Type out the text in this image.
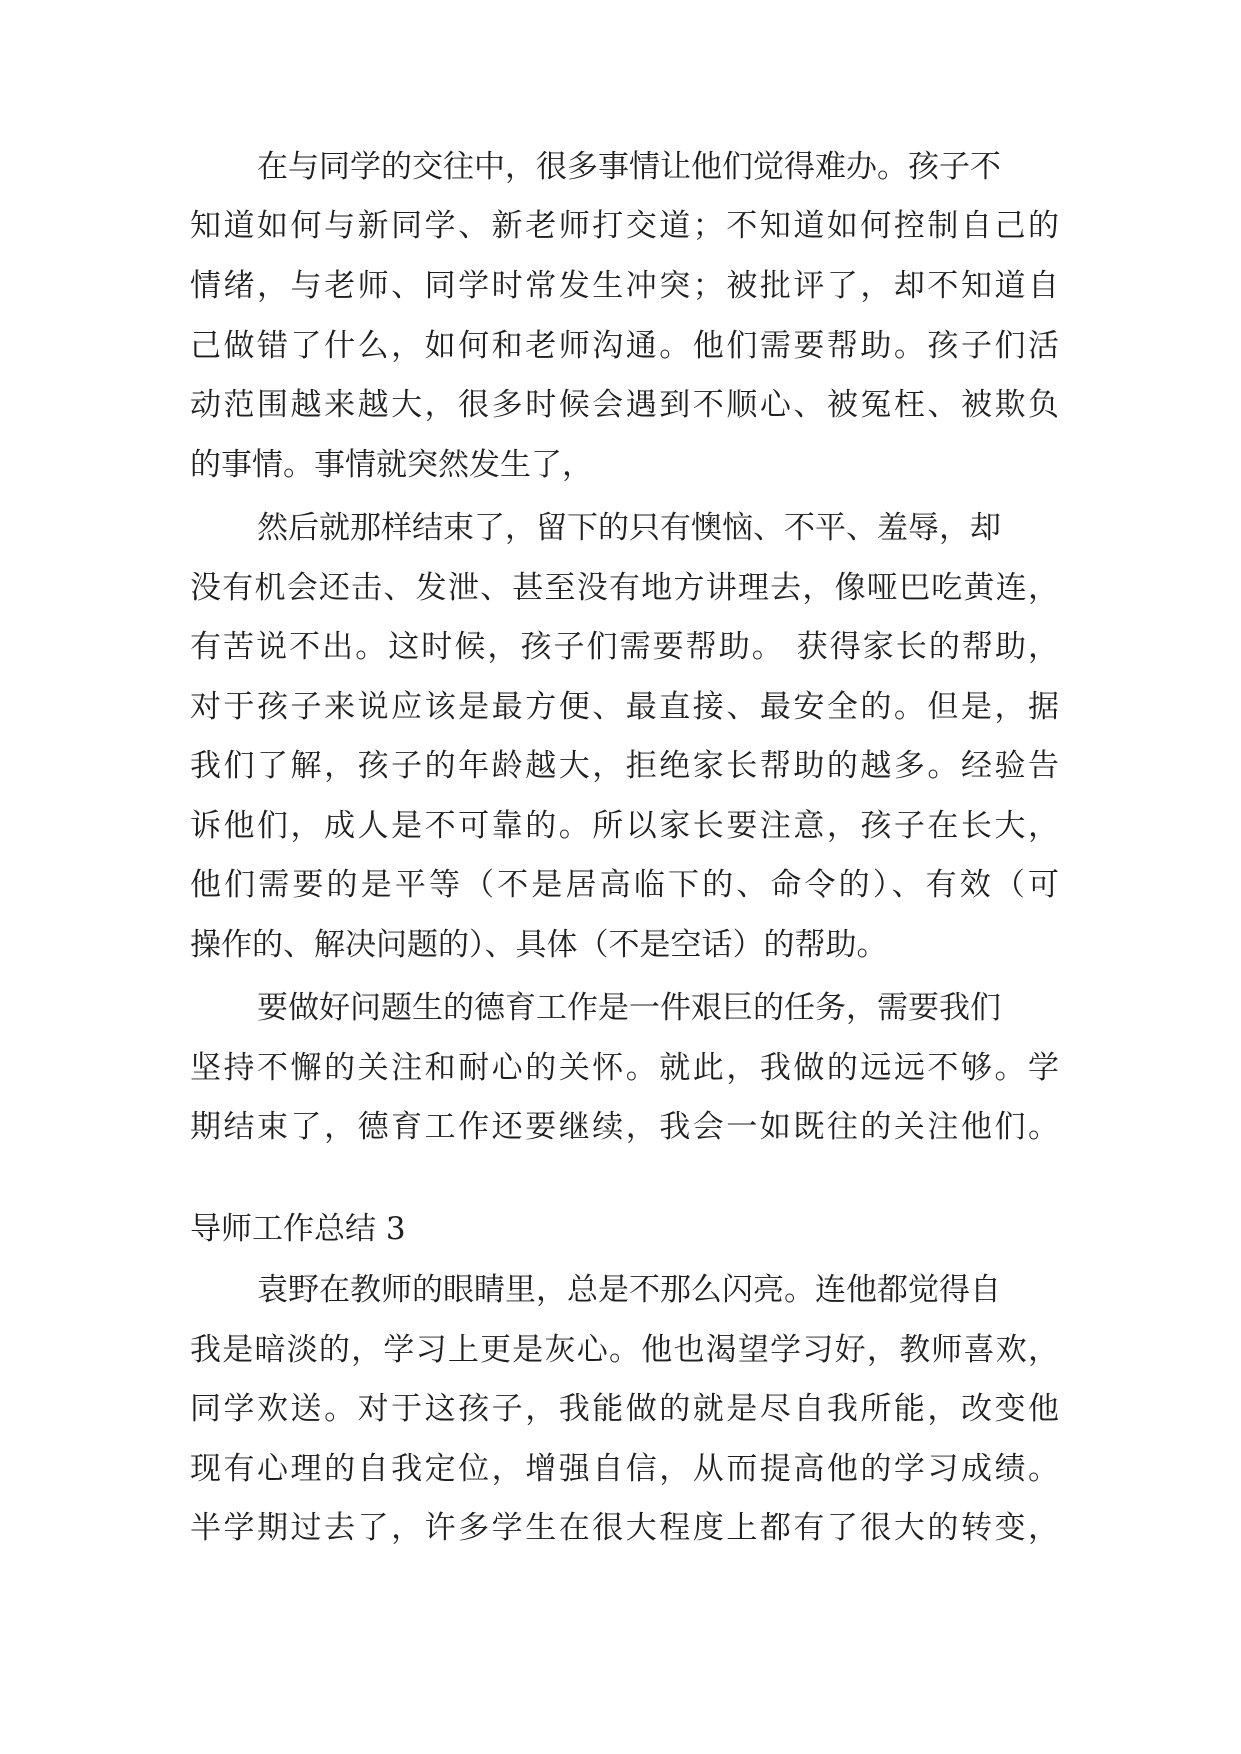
在与同学的交往中，很多事情让他们觉得难办。孩子不
知道如何与新同学、新老师打交道；不知道如何控制自己的
情绪，与老师、同学时常发生冲突；被批评了，却不知道自
己做错了什么，如何和老师沟通。他们需要帮助。孩子们活
动范围越来越大，很多时候会遇到不顺心、被冤枉、被欺负
的事情。事情就突然发生了，
然后就那样结束了，留下的只有懊恼、不平、羞辱，却
没有机会还击、发泄、甚至没有地方讲理去，像哑巴吃黄连，
有苦说不出。这时候，孩子们需要帮助。 获得家长的帮助，
对于孩子来说应该是最方便、最直接、最安全的。但是，据
我们了解，孩子的年龄越大，拒绝家长帮助的越多。经验告
诉他们，成人是不可靠的。所以家长要注意，孩子在长大，
他们需要的是平等（不是居高临下的、命令的）、有效（可
操作的、解决问题的）、具体（不是空话）的帮助。
要做好问题生的德育工作是一件艰巨的任务，需要我们
坚持不懈的关注和耐心的关怀。就此，我做的远远不够。学
期结束了，德育工作还要继续，我会一如既往的关注他们。
导师工作总结 3
袁野在教师的眼睛里，总是不那么闪亮。连他都觉得自
我是暗淡的，学习上更是灰心。他也渴望学习好，教师喜欢，
同学欢送。对于这孩子，我能做的就是尽自我所能，改变他
现有心理的自我定位，增强自信，从而提高他的学习成绩。
半学期过去了，许多学生在很大程度上都有了很大的转变，
